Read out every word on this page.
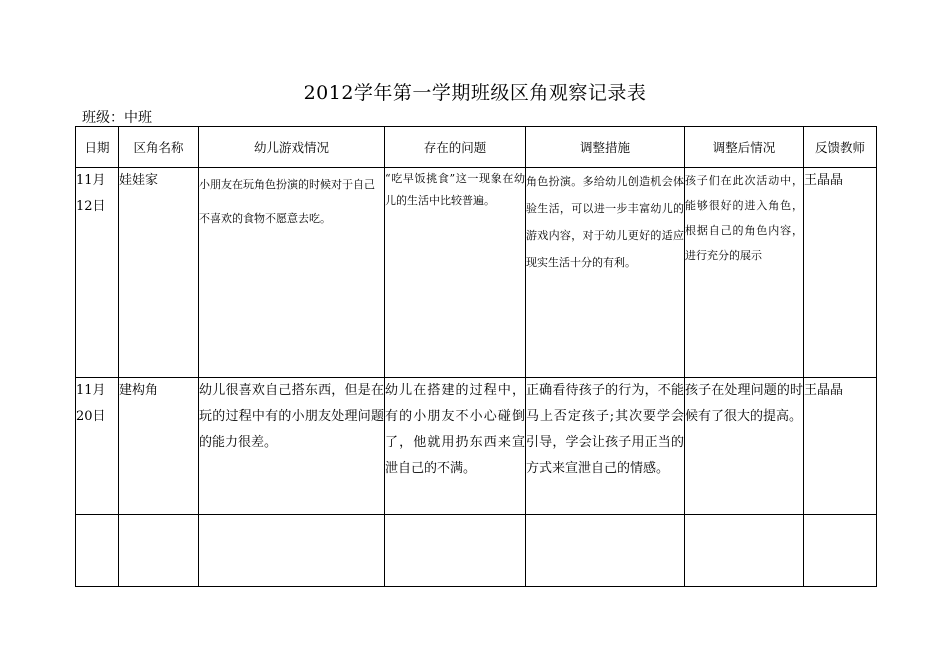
2012学年第一学期班级区角观察记录表
班级：中班
日期	区角名称	幼儿游戏情况	存在的问题	调整措施	调整后情况	反馈教师
11月12日	娃娃家	小朋友在玩角色扮演的时候对于自己不喜欢的食物不愿意去吃。	“吃早饭挑食”这一现象在幼儿的生活中比较普遍。	角色扮演。多给幼儿创造机会体验生活，可以进一步丰富幼儿的游戏内容，对于幼儿更好的适应现实生活十分的有利。	孩子们在此次活动中，能够很好的进入角色，根据自己的角色内容，进行充分的展示	王晶晶
11月20日	建构角	幼儿很喜欢自己搭东西，但是在玩的过程中有的小朋友处理问题的能力很差。	幼儿在搭建的过程中，有的小朋友不小心碰倒了，他就用扔东西来宣泄自己的不满。	正确看待孩子的行为，不能马上否定孩子;其次要学会引导，学会让孩子用正当的方式来宣泄自己的情感。	孩子在处理问题的时候有了很大的提高。	王晶晶
